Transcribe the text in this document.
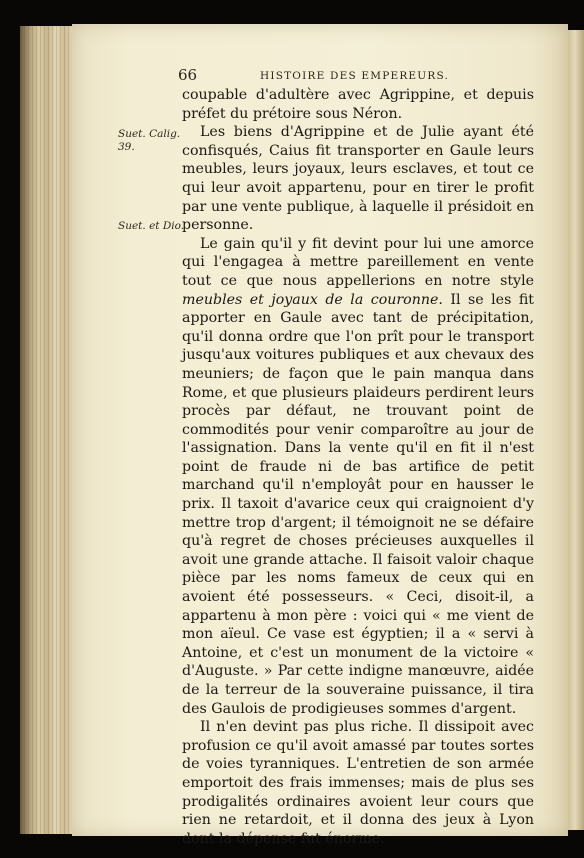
66	HISTOIRE DES EMPEREURS.
Suet. Calig.
39.
Suet. et Dio.

coupable d'adultère avec Agrippine, et depuis préfet du prétoire sous Néron.

Les biens d'Agrippine et de Julie ayant été confisqués, Caius fit transporter en Gaule leurs meubles, leurs joyaux, leurs esclaves, et tout ce qui leur avoit appartenu, pour en tirer le profit par une vente publique, à laquelle il présidoit en personne.

Le gain qu'il y fit devint pour lui une amorce qui l'engagea à mettre pareillement en vente tout ce que nous appellerions en notre style meubles et joyaux de la couronne. Il se les fit apporter en Gaule avec tant de précipitation, qu'il donna ordre que l'on prît pour le transport jusqu'aux voitures publiques et aux chevaux des meuniers; de façon que le pain manqua dans Rome, et que plusieurs plaideurs perdirent leurs procès par défaut, ne trouvant point de commodités pour venir comparoître au jour de l'assignation. Dans la vente qu'il en fit il n'est point de fraude ni de bas artifice de petit marchand qu'il n'employât pour en hausser le prix. Il taxoit d'avarice ceux qui craignoient d'y mettre trop d'argent; il témoignoit ne se défaire qu'à regret de choses précieuses auxquelles il avoit une grande attache. Il faisoit valoir chaque pièce par les noms fameux de ceux qui en avoient été possesseurs. « Ceci, disoit-il, a appartenu à mon père : voici qui « me vient de mon aïeul. Ce vase est égyptien; il a « servi à Antoine, et c'est un monument de la victoire « d'Auguste. » Par cette indigne manœuvre, aidée de la terreur de la souveraine puissance, il tira des Gaulois de prodigieuses sommes d'argent.

Il n'en devint pas plus riche. Il dissipoit avec profusion ce qu'il avoit amassé par toutes sortes de voies tyranniques. L'entretien de son armée emportoit des frais immenses; mais de plus ses prodigalités ordinaires avoient leur cours que rien ne retardoit, et il donna des jeux à Lyon dont la dépense fut énorme.
